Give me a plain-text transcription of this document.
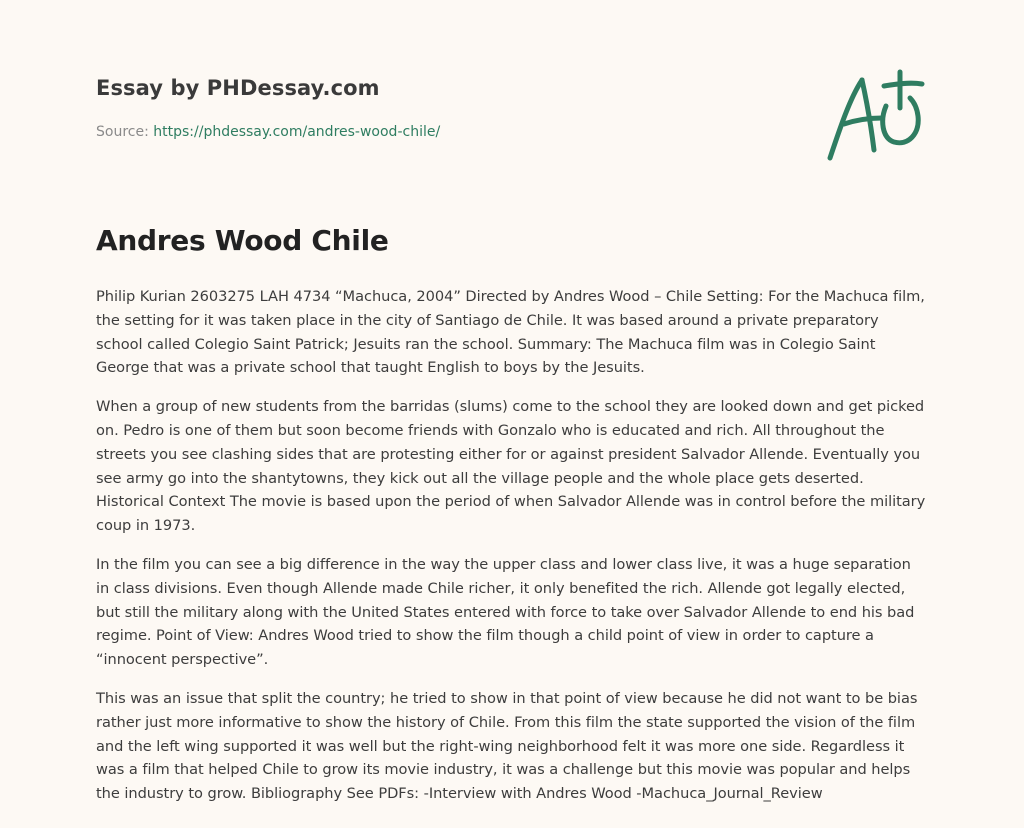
Essay by PHDessay.com
Source: https://phdessay.com/andres-wood-chile/
Andres Wood Chile

Philip Kurian 2603275 LAH 4734 “Machuca, 2004” Directed by Andres Wood – Chile Setting: For the Machuca film, the setting for it was taken place in the city of Santiago de Chile. It was based around a private preparatory school called Colegio Saint Patrick; Jesuits ran the school. Summary: The Machuca film was in Colegio Saint George that was a private school that taught English to boys by the Jesuits.

When a group of new students from the barridas (slums) come to the school they are looked down and get picked on. Pedro is one of them but soon become friends with Gonzalo who is educated and rich. All throughout the streets you see clashing sides that are protesting either for or against president Salvador Allende. Eventually you see army go into the shantytowns, they kick out all the village people and the whole place gets deserted. Historical Context The movie is based upon the period of when Salvador Allende was in control before the military coup in 1973.

In the film you can see a big difference in the way the upper class and lower class live, it was a huge separation in class divisions. Even though Allende made Chile richer, it only benefited the rich. Allende got legally elected, but still the military along with the United States entered with force to take over Salvador Allende to end his bad regime. Point of View: Andres Wood tried to show the film though a child point of view in order to capture a “innocent perspective”.

This was an issue that split the country; he tried to show in that point of view because he did not want to be bias rather just more informative to show the history of Chile. From this film the state supported the vision of the film and the left wing supported it was well but the right-wing neighborhood felt it was more one side. Regardless it was a film that helped Chile to grow its movie industry, it was a challenge but this movie was popular and helps the industry to grow. Bibliography See PDFs: -Interview with Andres Wood -Machuca_Journal_Review
